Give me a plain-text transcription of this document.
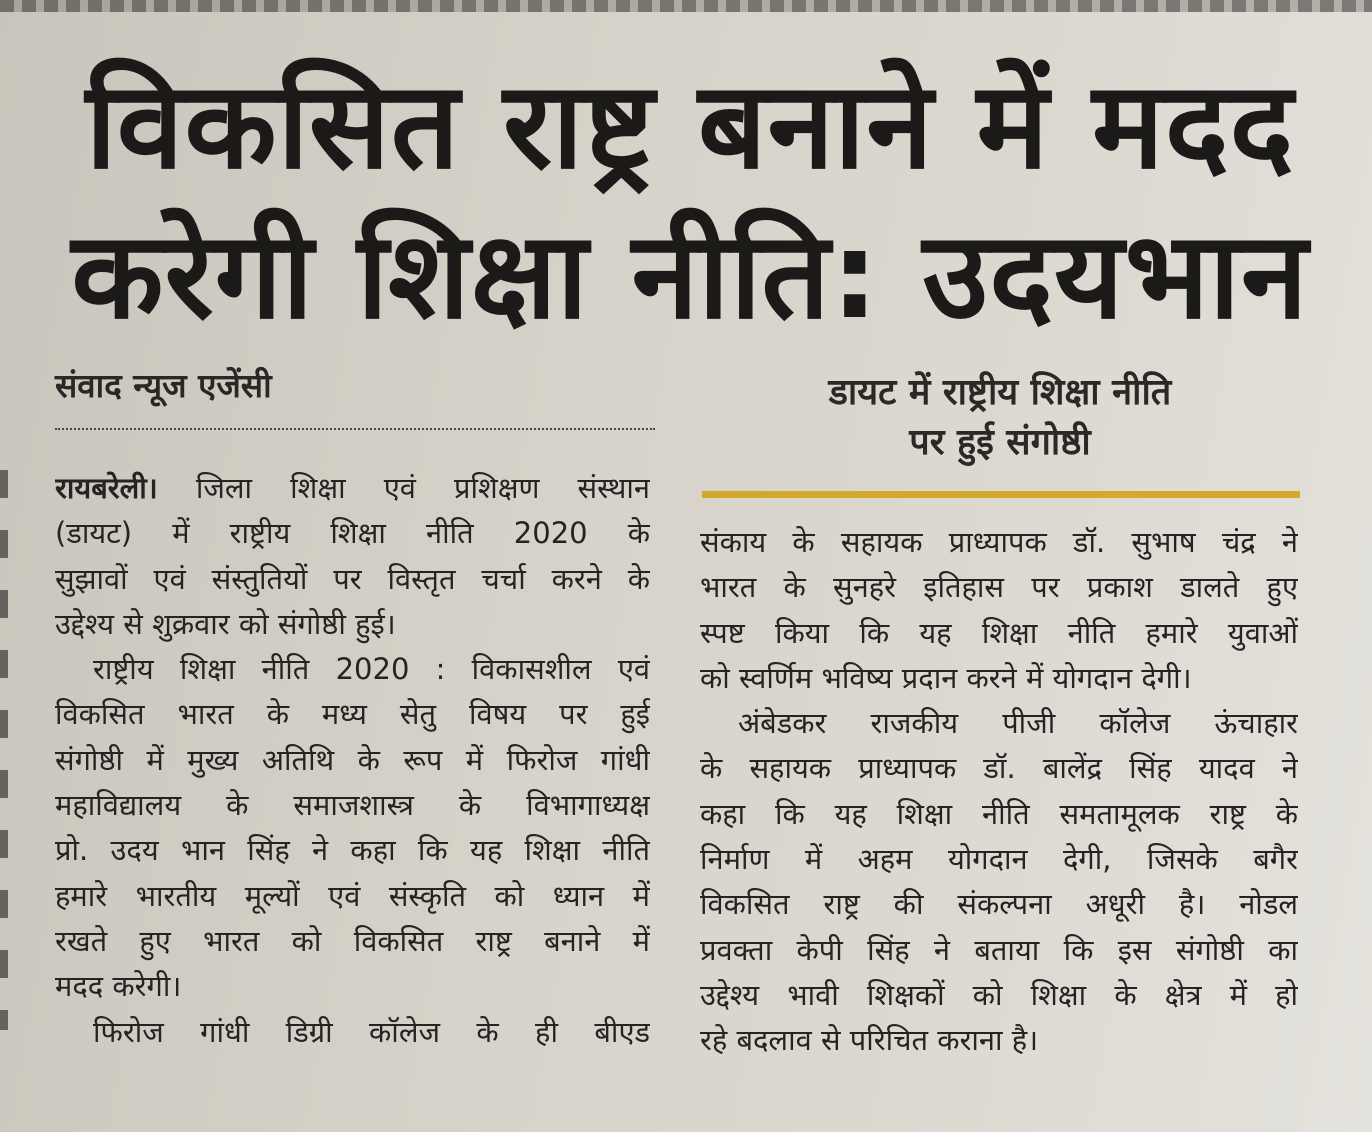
विकसित राष्ट्र बनाने में मदद
करेगी शिक्षा नीति: उदयभान
संवाद न्यूज एजेंसी	डायट में राष्ट्रीय शिक्षा नीति
पर हुई संगोष्ठी
रायबरेली। जिला शिक्षा एवं प्रशिक्षण संस्थान
(डायट) में राष्ट्रीय शिक्षा नीति 2020 के
सुझावों एवं संस्तुतियों पर विस्तृत चर्चा करने के
उद्देश्य से शुक्रवार को संगोष्ठी हुई।
राष्ट्रीय शिक्षा नीति 2020 : विकासशील एवं
विकसित भारत के मध्य सेतु विषय पर हुई
संगोष्ठी में मुख्य अतिथि के रूप में फिरोज गांधी
महाविद्यालय के समाजशास्त्र के विभागाध्यक्ष
प्रो. उदय भान सिंह ने कहा कि यह शिक्षा नीति
हमारे भारतीय मूल्यों एवं संस्कृति को ध्यान में
रखते हुए भारत को विकसित राष्ट्र बनाने में
मदद करेगी।
फिरोज गांधी डिग्री कॉलेज के ही बीएड
संकाय के सहायक प्राध्यापक डॉ. सुभाष चंद्र ने
भारत के सुनहरे इतिहास पर प्रकाश डालते हुए
स्पष्ट किया कि यह शिक्षा नीति हमारे युवाओं
को स्वर्णिम भविष्य प्रदान करने में योगदान देगी।
अंबेडकर राजकीय पीजी कॉलेज ऊंचाहार
के सहायक प्राध्यापक डॉ. बालेंद्र सिंह यादव ने
कहा कि यह शिक्षा नीति समतामूलक राष्ट्र के
निर्माण में अहम योगदान देगी, जिसके बगैर
विकसित राष्ट्र की संकल्पना अधूरी है। नोडल
प्रवक्ता केपी सिंह ने बताया कि इस संगोष्ठी का
उद्देश्य भावी शिक्षकों को शिक्षा के क्षेत्र में हो
रहे बदलाव से परिचित कराना है।
